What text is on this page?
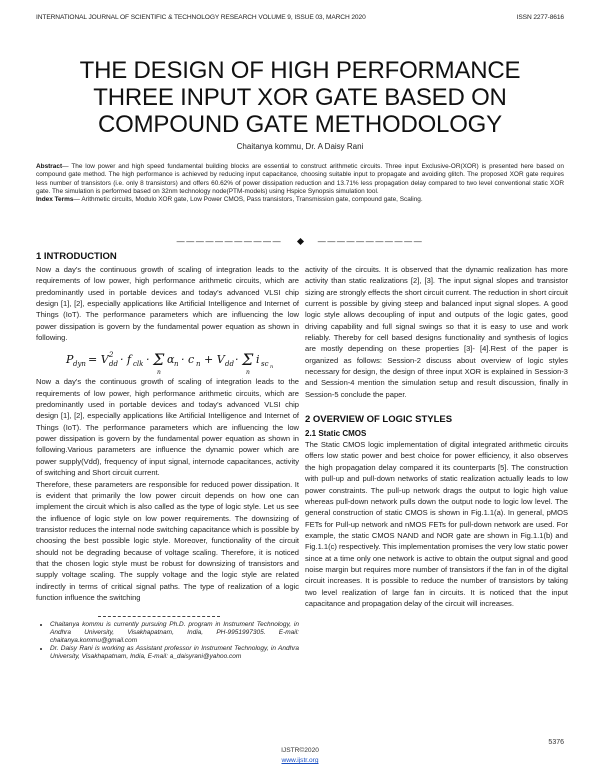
INTERNATIONAL JOURNAL OF SCIENTIFIC & TECHNOLOGY RESEARCH VOLUME 9, ISSUE 03, MARCH 2020	ISSN 2277-8616
THE DESIGN OF HIGH PERFORMANCE
THREE INPUT XOR GATE BASED ON
COMPOUND GATE METHODOLOGY
Chaitanya kommu, Dr. A Daisy Rani

Abstract— The low power and high speed fundamental building blocks are essential to construct arithmetic circuits. Three input Exclusive-OR(XOR) is presented here based on compound gate method. The high performance is achieved by reducing input capacitance, choosing suitable input to propagate and avoiding glitch. The proposed XOR gate requires less number of transistors (i.e. only 8 transistors) and offers 60.62% of power dissipation reduction and 13.71% less propagation delay compared to two level conventional static XOR gate. The simulation is performed based on 32nm technology node(PTM-models) using Hspice Synopsis simulation tool.

Index Terms— Arithmetic circuits, Modulo XOR gate, Low Power CMOS, Pass transistors, Transmission gate, compound gate, Scaling.

———————————	———————————
1 INTRODUCTION

Now a day's the continuous growth of scaling of integration leads to the requirements of low power, high performance arithmetic circuits, which are predominantly used in portable devices and today's advanced VLSI chip design [1], [2], especially applications like Artificial Intelligence and Internet of Things (IoT). The performance parameters which are influencing the low power dissipation is govern by the fundamental power equation as shown in following.

P dyn = V 2
dd · f clk · Σ
n
α n · c n + V dd · Σ
n
i sc n

Now a day's the continuous growth of scaling of integration leads to the requirements of low power, high performance arithmetic circuits, which are predominantly used in portable devices and today's advanced VLSI chip design [1], [2], especially applications like Artificial Intelligence and Internet of Things (IoT). The performance parameters which are influencing the low power dissipation is govern by the fundamental power equation as shown in following.Various parameters are influence the dynamic power which are power supply(Vdd), frequency of input signal, internode capacitances, activity of switching and Short circuit current.

Therefore, these parameters are responsible for reduced power dissipation. It is evident that primarily the low power circuit depends on how one can implement the circuit which is also called as the type of logic style. Let us see the influence of logic style on low power requirements. The downsizing of transistor reduces the internal node switching capacitance which is possible by choosing the best possible logic style. Moreover, functionality of the circuit should not be degrading because of voltage scaling. Therefore, it is noticed that the chosen logic style must be robust for downsizing of transistors and supply voltage scaling. The supply voltage and the logic style are related indirectly in terms of critical signal paths. The type of realization of a logic function influence the switching

• Chaitanya kommu is currently pursuing Ph.D. program in Instrument Technology, in Andhra University, Visakhapatnam, India, PH-9951997305. E-mail: chaitanya.kommu@gmail.com
• Dr. Daisy Rani is working as Assistant professor in Instrument Technology, in Andhra University, Visakhapatnam, India, E-mail: a_daisyrani@yahoo.com

activity of the circuits. It is observed that the dynamic realization has more activity than static realizations [2], [3]. The input signal slopes and transistor sizing are strongly effects the short circuit current. The reduction in short circuit current is possible by giving steep and balanced input signal slopes. A good logic style allows decoupling of input and outputs of the logic gates, good driving capability and full signal swings so that it is easy to use and work reliably. Thereby for cell based designs functionality and synthesis of logics are mostly depending on these properties [3]- [4].Rest of the paper is organized as follows: Session-2 discuss about overview of logic styles necessary for design, the design of three input XOR is explained in Session-3 and Session-4 mention the simulation setup and result discussion, finally in Session-5 conclude the paper.

2 OVERVIEW OF LOGIC STYLES
2.1 Static CMOS

The Static CMOS logic implementation of digital integrated arithmetic circuits offers low static power and best choice for power efficiency, it also observes the high propagation delay compared it its counterparts [5]. The construction with pull-up and pull-down networks of static realization actually leads to low power constraints. The pull-up network drags the output to logic high value whereas pull-down network pulls down the output node to logic low level. The general construction of static CMOS is shown in Fig.1.1(a). In general, pMOS FETs for Pull-up network and nMOS FETs for pull-down network are used. For example, the static CMOS NAND and NOR gate are shown in Fig.1.1(b) and Fig.1.1(c) respectively. This implementation promises the very low static power since at a time only one network is active to obtain the output signal and good noise margin but requires more number of transistors if the fan in of the digital circuit increases. It is possible to reduce the number of transistors by taking two level realization of large fan in circuits. It is noticed that the input capacitance and propagation delay of the circuit will increases.

5376
IJSTR©2020
www.ijstr.org
